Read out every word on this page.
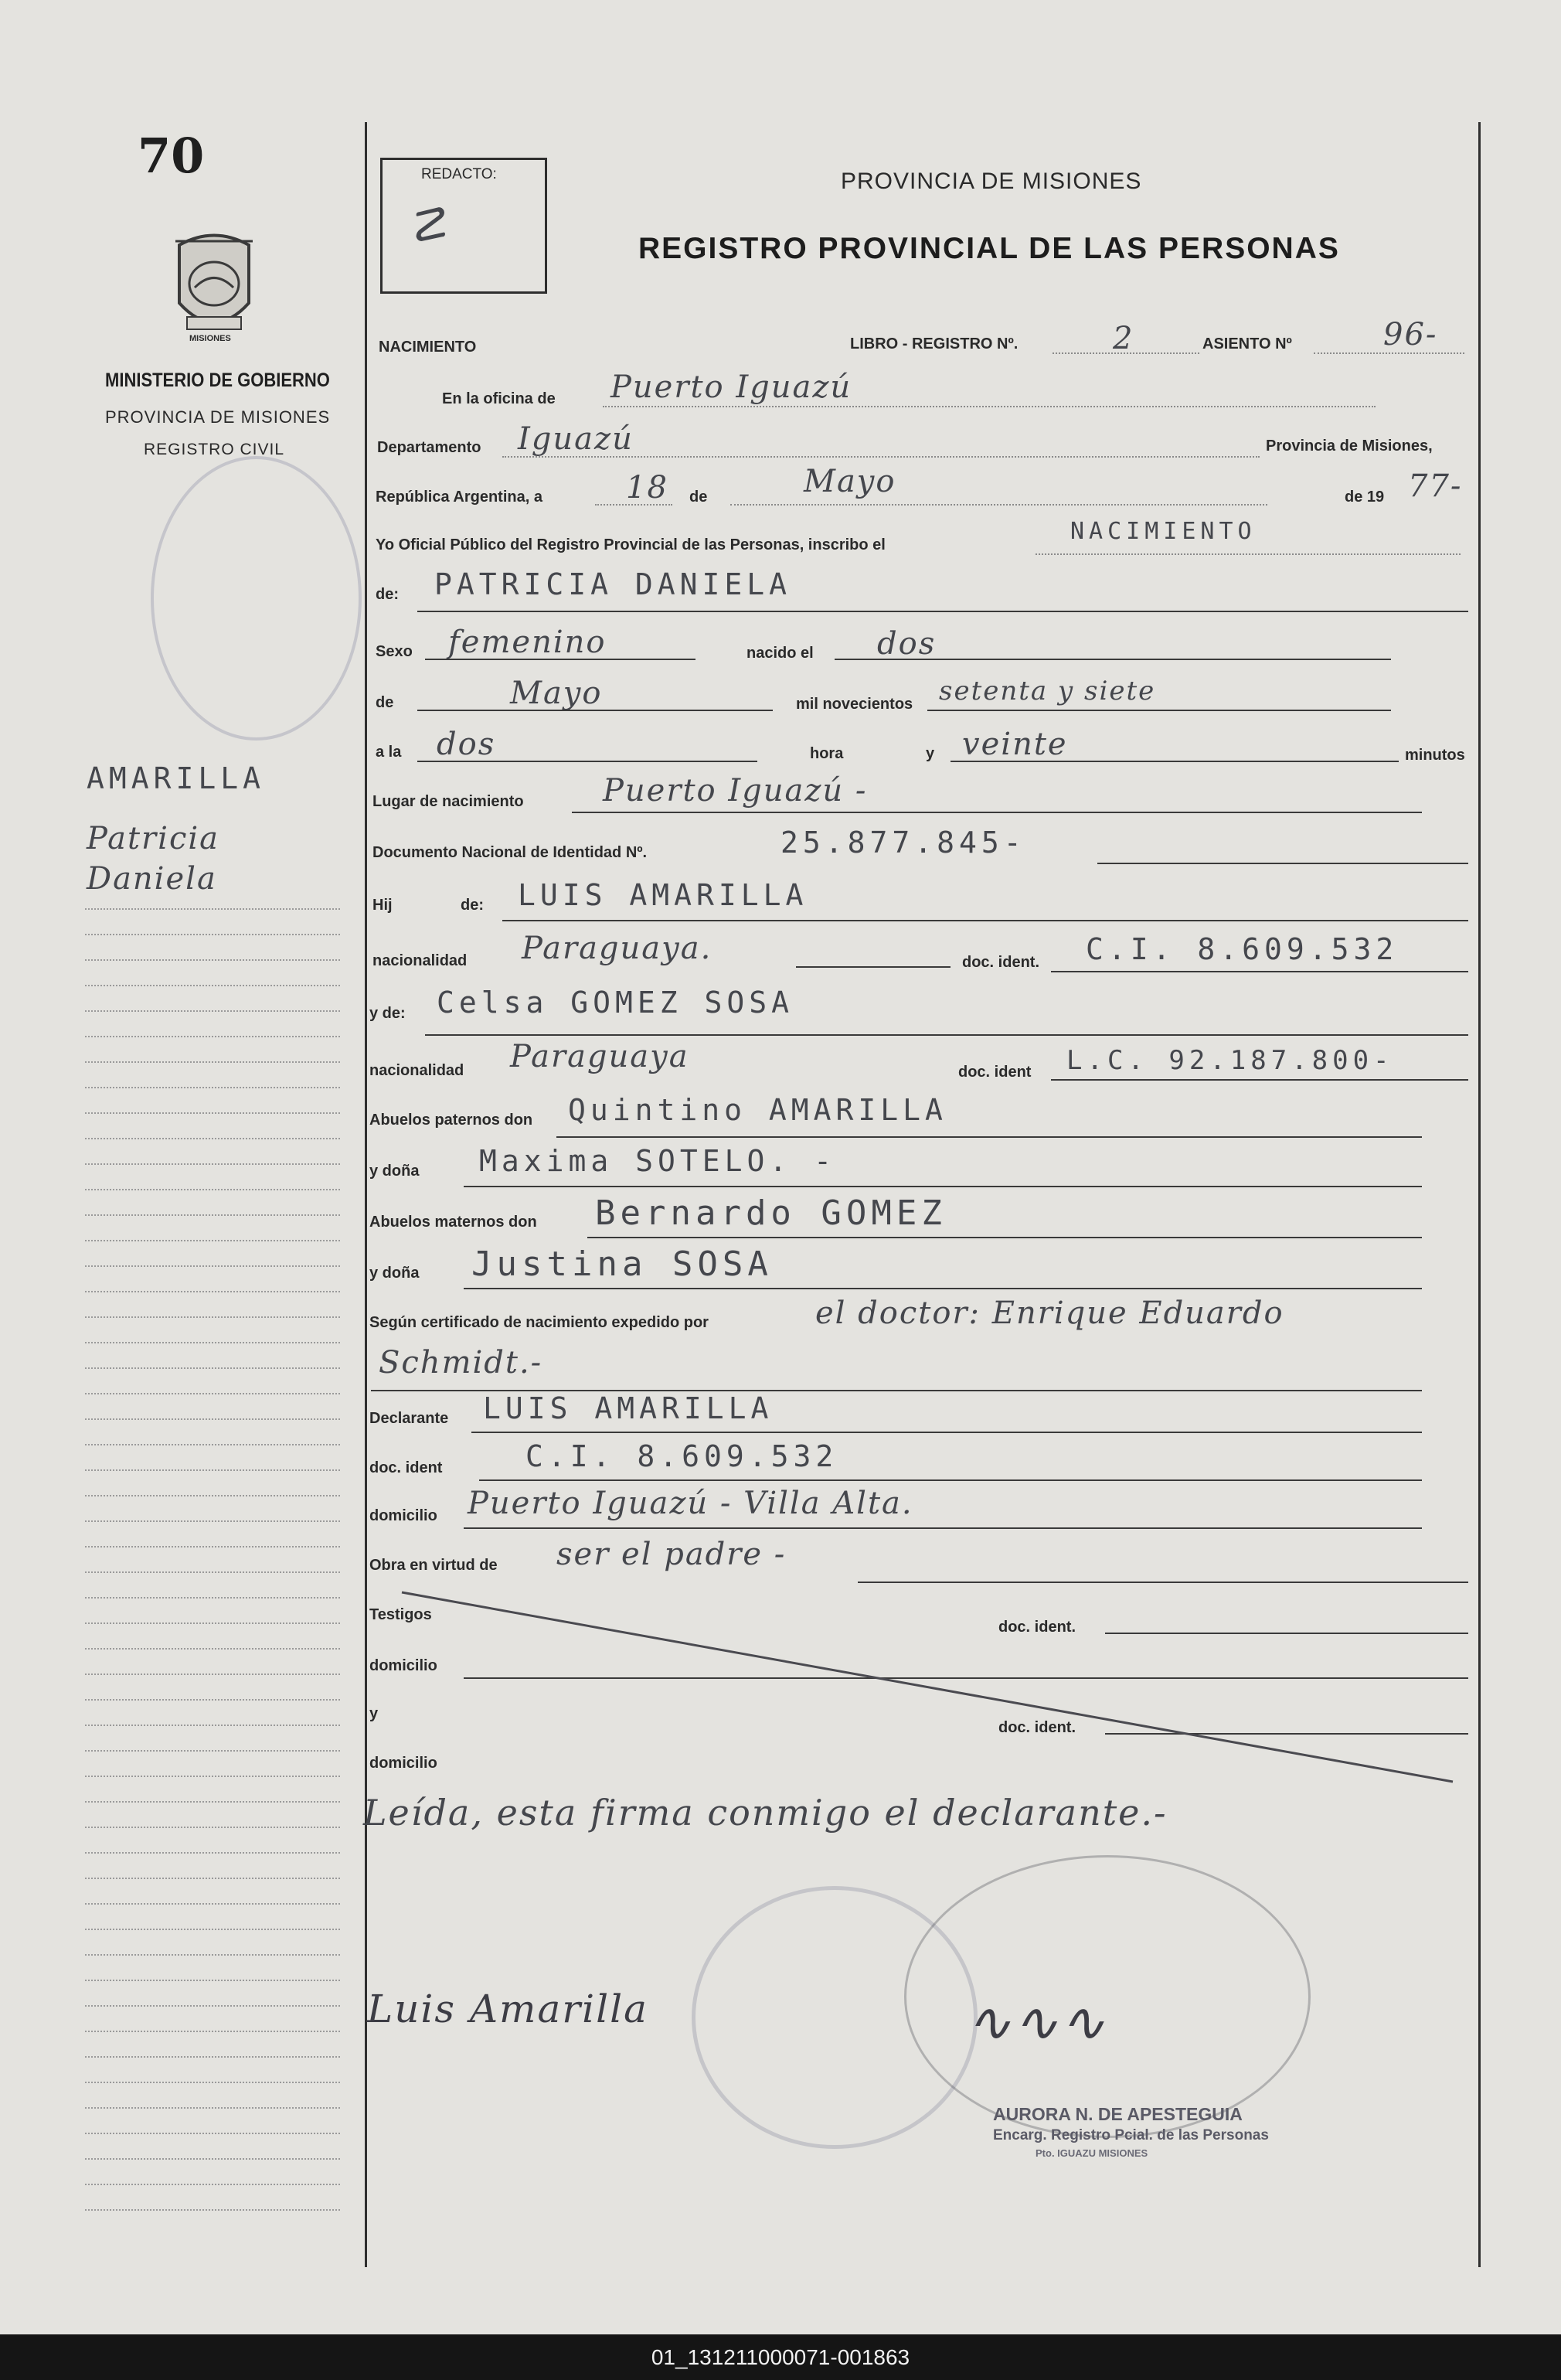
70
MISIONES
MINISTERIO DE GOBIERNO
PROVINCIA DE MISIONES
REGISTRO CIVIL
AMARILLA
Patricia
Daniela
REDACTO:
☡
PROVINCIA DE MISIONES
REGISTRO PROVINCIAL DE LAS PERSONAS
NACIMIENTO	LIBRO - REGISTRO Nº.	2	ASIENTO Nº	96-
En la oficina de Puerto Iguazú
Departamento Iguazú	Provincia de Misiones,
República Argentina, a	18 de	Mayo	de 19 77-
Yo Oficial Público del Registro Provincial de las Personas, inscribo el	NACIMIENTO
de: PATRICIA DANIELA
Sexo femenino	nacido el dos
de	Mayo	mil novecientos setenta y siete
a la dos	hora	y veinte	minutos
Lugar de nacimiento	Puerto Iguazú -
Documento Nacional de Identidad Nº.	25.877.845-
Hij	de: LUIS AMARILLA
nacionalidad Paraguaya.	doc. ident. C.I. 8.609.532
y de: Celsa GOMEZ SOSA
nacionalidad Paraguaya	doc. ident L.C. 92.187.800-
Abuelos paternos don Quintino AMARILLA
y doña Maxima SOTELO. -
Abuelos maternos don Bernardo GOMEZ
y doña Justina SOSA
Según certificado de nacimiento expedido por	el doctor: Enrique Eduardo
Schmidt.-
Declarante LUIS AMARILLA
doc. ident	C.I. 8.609.532
domicilio Puerto Iguazú - Villa Alta.
Obra en virtud de ser el padre -
Testigos
doc. ident.
domicilio
y
doc. ident.
domicilio
Leída, esta firma conmigo el declarante.-
Luis Amarilla	∿∿∿
AURORA N. DE APESTEGUIA
Encarg. Registro Pcial. de las Personas
Pto. IGUAZU MISIONES
01_131211000071-001863
